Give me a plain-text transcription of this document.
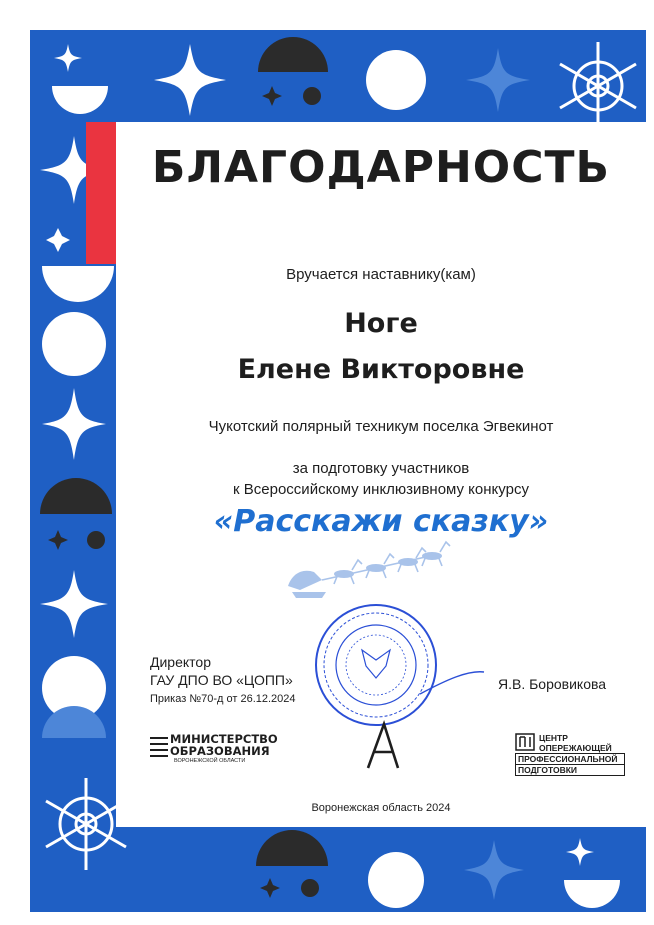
БЛАГОДАРНОСТЬ
Вручается наставнику(кам)
Ноге
Елене Викторовне
Чукотский полярный техникум поселка Эгвекинот
за подготовку участников
к Всероссийскому инклюзивному конкурсу
«Расскажи сказку»
Директор
ГАУ ДПО ВО «ЦОПП»
Приказ №70-д от 26.12.2024
Я.В. Боровикова
МИНИСТЕРСТВО
ОБРАЗОВАНИЯ
ВОРОНЕЖСКОЙ ОБЛАСТИ
ЦЕНТР
ОПЕРЕЖАЮЩЕЙ
ПРОФЕССИОНАЛЬНОЙ
ПОДГОТОВКИ
Воронежская область 2024
